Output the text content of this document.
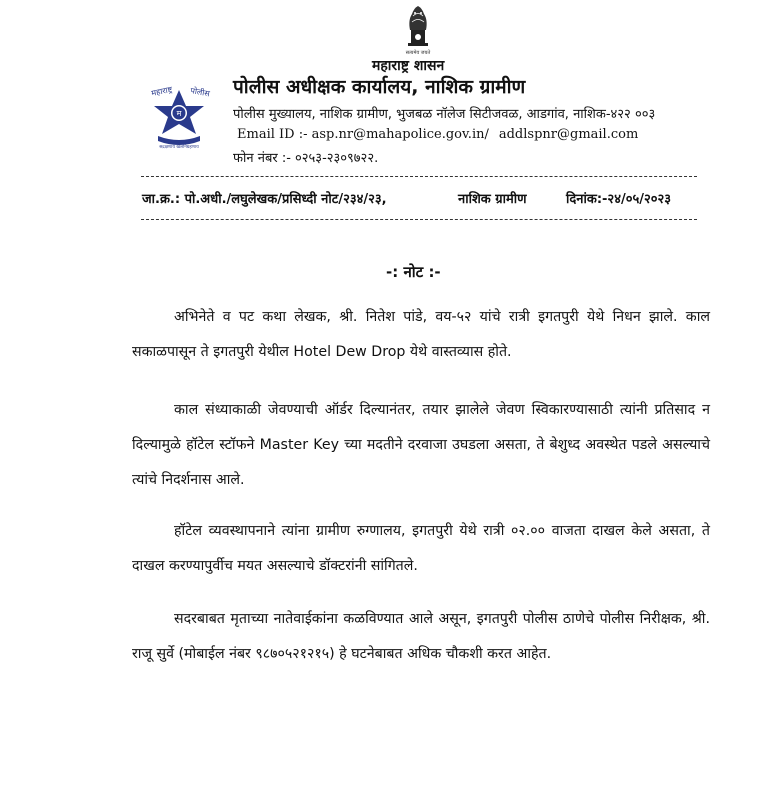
सत्यमेव जयते
महाराष्ट्र शासन
महाराष्ट्र पोलीस
म
सद्रक्षणाय खलनिग्रहणाय
पोलीस अधीक्षक कार्यालय, नाशिक ग्रामीण
पोलीस मुख्यालय, नाशिक ग्रामीण, भुजबळ नॉलेज सिटीजवळ, आडगांव, नाशिक-४२२ ००३
Email ID :- asp.nr@mahapolice.gov.in/ addlspnr@gmail.com
फोन नंबर :- ०२५३-२३०९७२२.
जा.क्र.: पो.अधी./लघुलेखक/प्रसिध्दी नोट/२३४/२३,	नाशिक ग्रामीण	दिनांक:-२४/०५/२०२३
-: नोट :-

अभिनेते व पट कथा लेखक, श्री. नितेश पांडे, वय-५२ यांचे रात्री इगतपुरी येथे निधन झाले. काल सकाळपासून ते इगतपुरी येथील Hotel Dew Drop येथे वास्तव्यास होते.

काल संध्याकाळी जेवण्याची ऑर्डर दिल्यानंतर, तयार झालेले जेवण स्विकारण्यासाठी त्यांनी प्रतिसाद न दिल्यामुळे हॉटेल स्टॉफने Master Key च्या मदतीने दरवाजा उघडला असता, ते बेशुध्द अवस्थेत पडले असल्याचे त्यांचे निदर्शनास आले.

हॉटेल व्यवस्थापनाने त्यांना ग्रामीण रुग्णालय, इगतपुरी येथे रात्री ०२.०० वाजता दाखल केले असता, ते दाखल करण्यापुर्वीच मयत असल्याचे डॉक्टरांनी सांगितले.

सदरबाबत मृताच्या नातेवाईकांना कळविण्यात आले असून, इगतपुरी पोलीस ठाणेचे पोलीस निरीक्षक, श्री. राजू सुर्वे (मोबाईल नंबर ९८७०५२१२१५) हे घटनेबाबत अधिक चौकशी करत आहेत.
